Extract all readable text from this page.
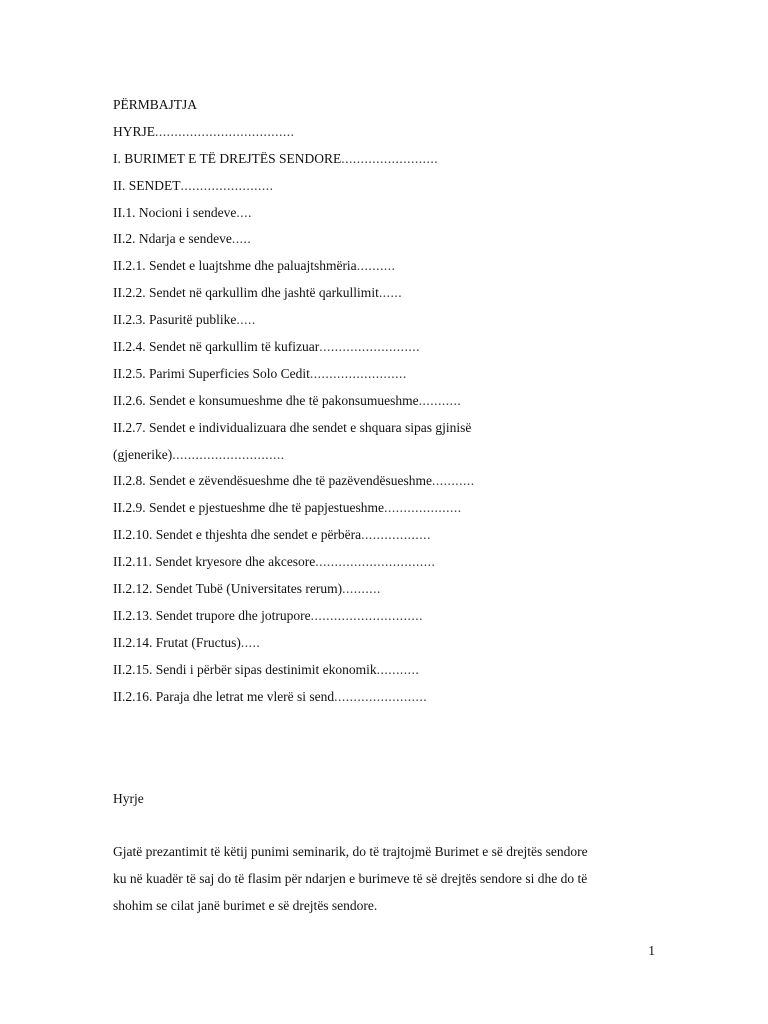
PËRMBAJTJA
HYRJE....................................
I. BURIMET E TË DREJTËS SENDORE.........................
II. SENDET........................
II.1. Nocioni i sendeve....
II.2. Ndarja e sendeve.....
II.2.1. Sendet e luajtshme dhe paluajtshmëria..........
II.2.2. Sendet në qarkullim dhe jashtë qarkullimit......
II.2.3. Pasuritë publike.....
II.2.4. Sendet në qarkullim të kufizuar..........................
II.2.5. Parimi Superficies Solo Cedit.........................
II.2.6. Sendet e konsumueshme dhe të pakonsumueshme...........
II.2.7. Sendet e individualizuara dhe sendet e shquara sipas gjinisë
(gjenerike).............................
II.2.8. Sendet e zëvendësueshme dhe të pazëvendësueshme...........
II.2.9. Sendet e pjestueshme dhe të papjestueshme....................
II.2.10. Sendet e thjeshta dhe sendet e përbëra..................
II.2.11. Sendet kryesore dhe akcesore...............................
II.2.12. Sendet Tubë (Universitates rerum)..........
II.2.13. Sendet trupore dhe jotrupore.............................
II.2.14. Frutat (Fructus).....
II.2.15. Sendi i përbër sipas destinimit ekonomik...........
II.2.16. Paraja dhe letrat me vlerë si send........................
Hyrje
Gjatë prezantimit të këtij punimi seminarik, do të trajtojmë Burimet e së drejtës sendore
ku në kuadër të saj do të flasim për ndarjen e burimeve të së drejtës sendore si dhe do të
shohim se cilat janë burimet e së drejtës sendore.
1
